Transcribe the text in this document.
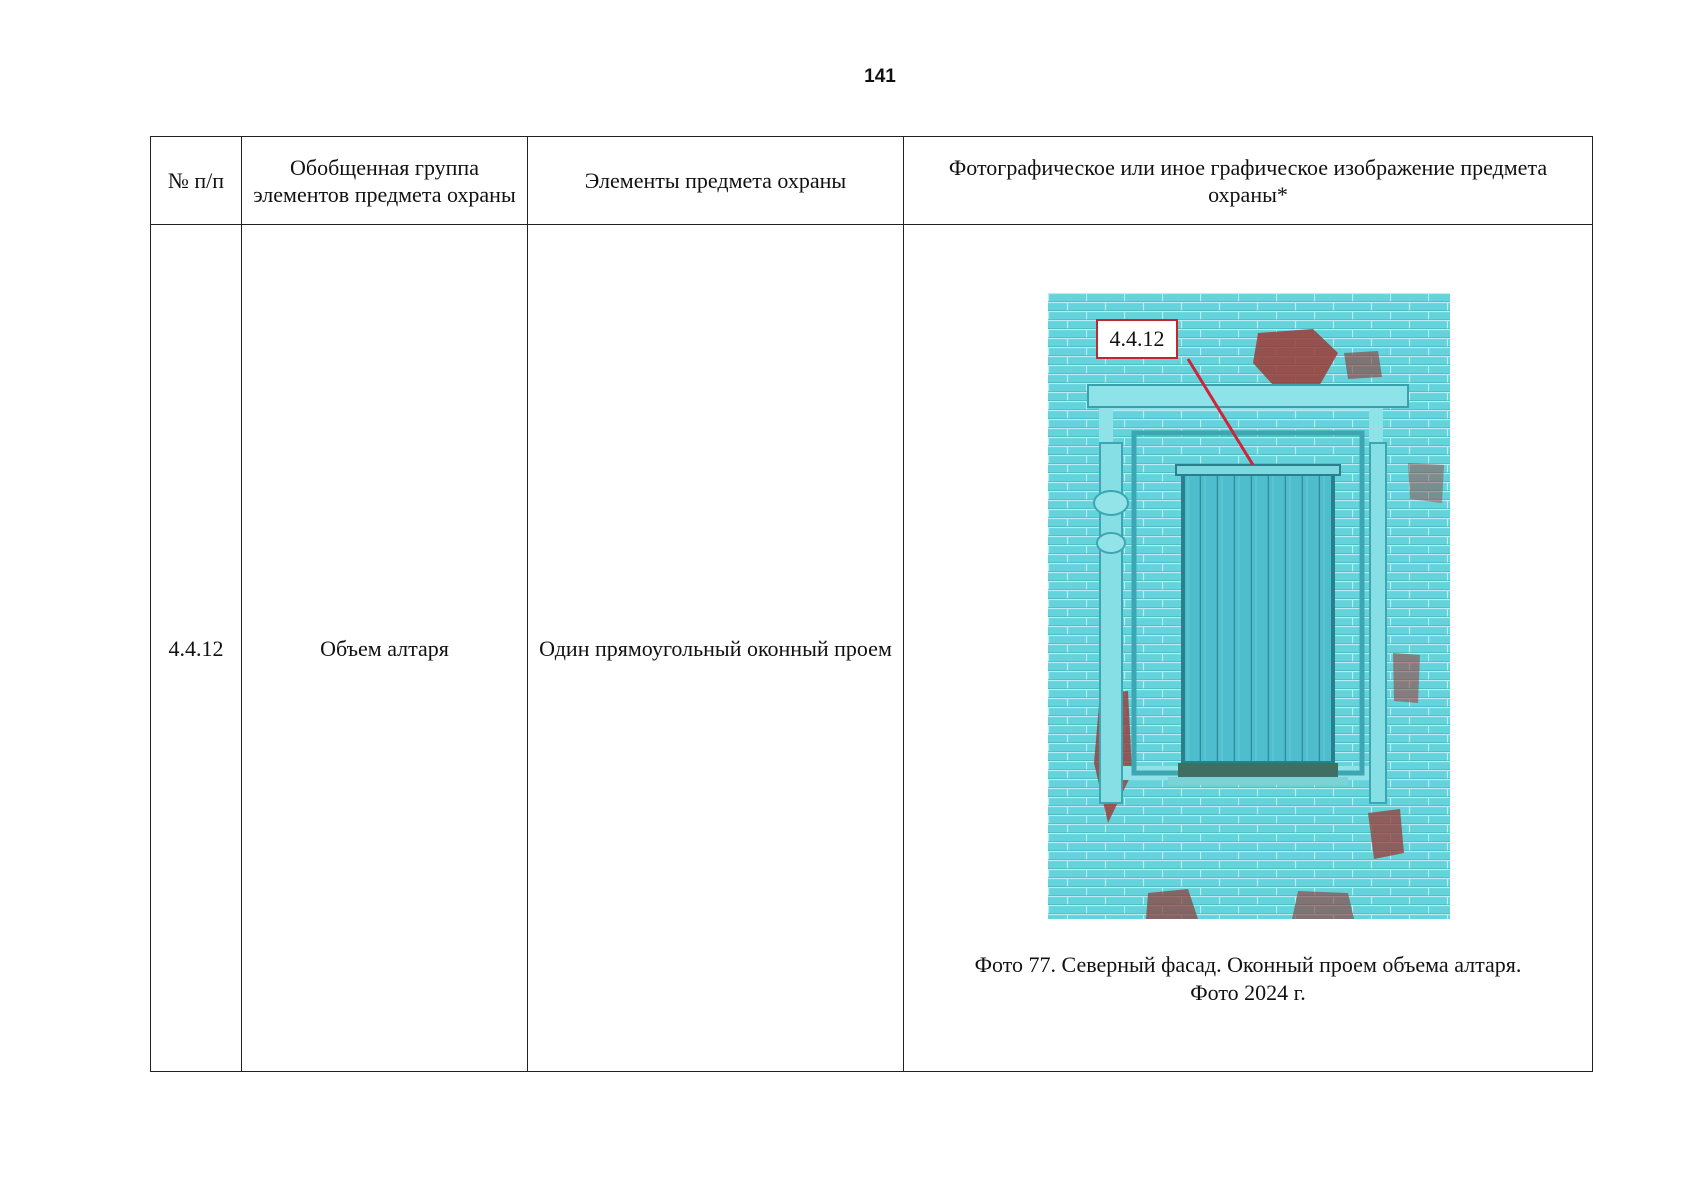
141
№ п/п	Обобщенная группа элементов предмета охраны	Элементы предмета охраны	Фотографическое или иное графическое изображение предмета охраны*
4.4.12	Объем алтаря	Один прямоугольный оконный проем	4.4.12
Фото 77. Северный фасад. Оконный проем объема алтаря.
Фото 2024 г.
